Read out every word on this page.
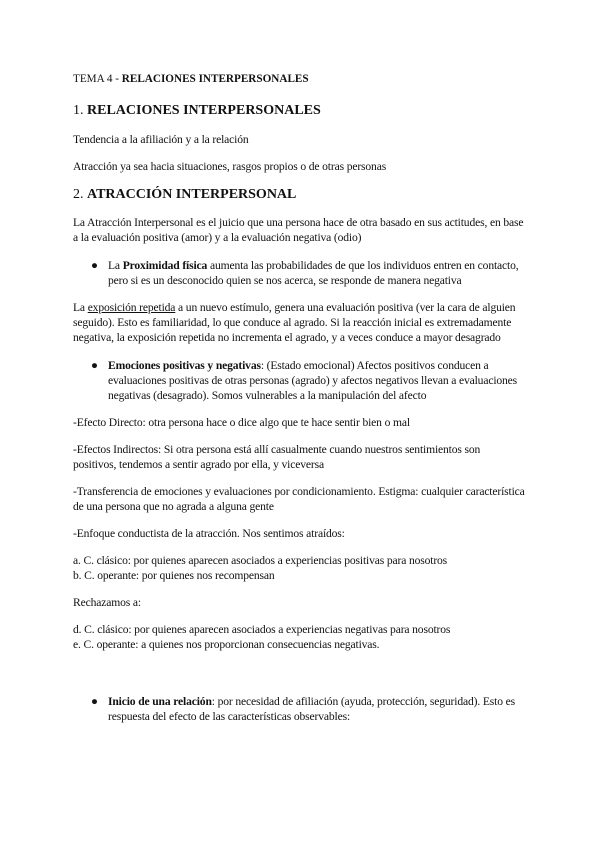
TEMA 4 - RELACIONES INTERPERSONALES

1. RELACIONES INTERPERSONALES

Tendencia a la afiliación y a la relación

Atracción ya sea hacia situaciones, rasgos propios o de otras personas

2. ATRACCIÓN INTERPERSONAL

La Atracción Interpersonal es el juicio que una persona hace de otra basado en sus actitudes, en base a la evaluación positiva (amor) y a la evaluación negativa (odio)

● La Proximidad física aumenta las probabilidades de que los individuos entren en contacto, pero si es un desconocido quien se nos acerca, se responde de manera negativa

La exposición repetida a un nuevo estímulo, genera una evaluación positiva (ver la cara de alguien seguido). Esto es familiaridad, lo que conduce al agrado. Si la reacción inicial es extremadamente negativa, la exposición repetida no incrementa el agrado, y a veces conduce a mayor desagrado

● Emociones positivas y negativas: (Estado emocional) Afectos positivos conducen a evaluaciones positivas de otras personas (agrado) y afectos negativos llevan a evaluaciones negativas (desagrado). Somos vulnerables a la manipulación del afecto

-Efecto Directo: otra persona hace o dice algo que te hace sentir bien o mal

-Efectos Indirectos: Si otra persona está allí casualmente cuando nuestros sentimientos son positivos, tendemos a sentir agrado por ella, y viceversa

-Transferencia de emociones y evaluaciones por condicionamiento. Estigma: cualquier característica de una persona que no agrada a alguna gente

-Enfoque conductista de la atracción. Nos sentimos atraídos:

a. C. clásico: por quienes aparecen asociados a experiencias positivas para nosotros

b. C. operante: por quienes nos recompensan

Rechazamos a:

d. C. clásico: por quienes aparecen asociados a experiencias negativas para nosotros

e. C. operante: a quienes nos proporcionan consecuencias negativas.

● Inicio de una relación: por necesidad de afiliación (ayuda, protección, seguridad). Esto es respuesta del efecto de las características observables:
